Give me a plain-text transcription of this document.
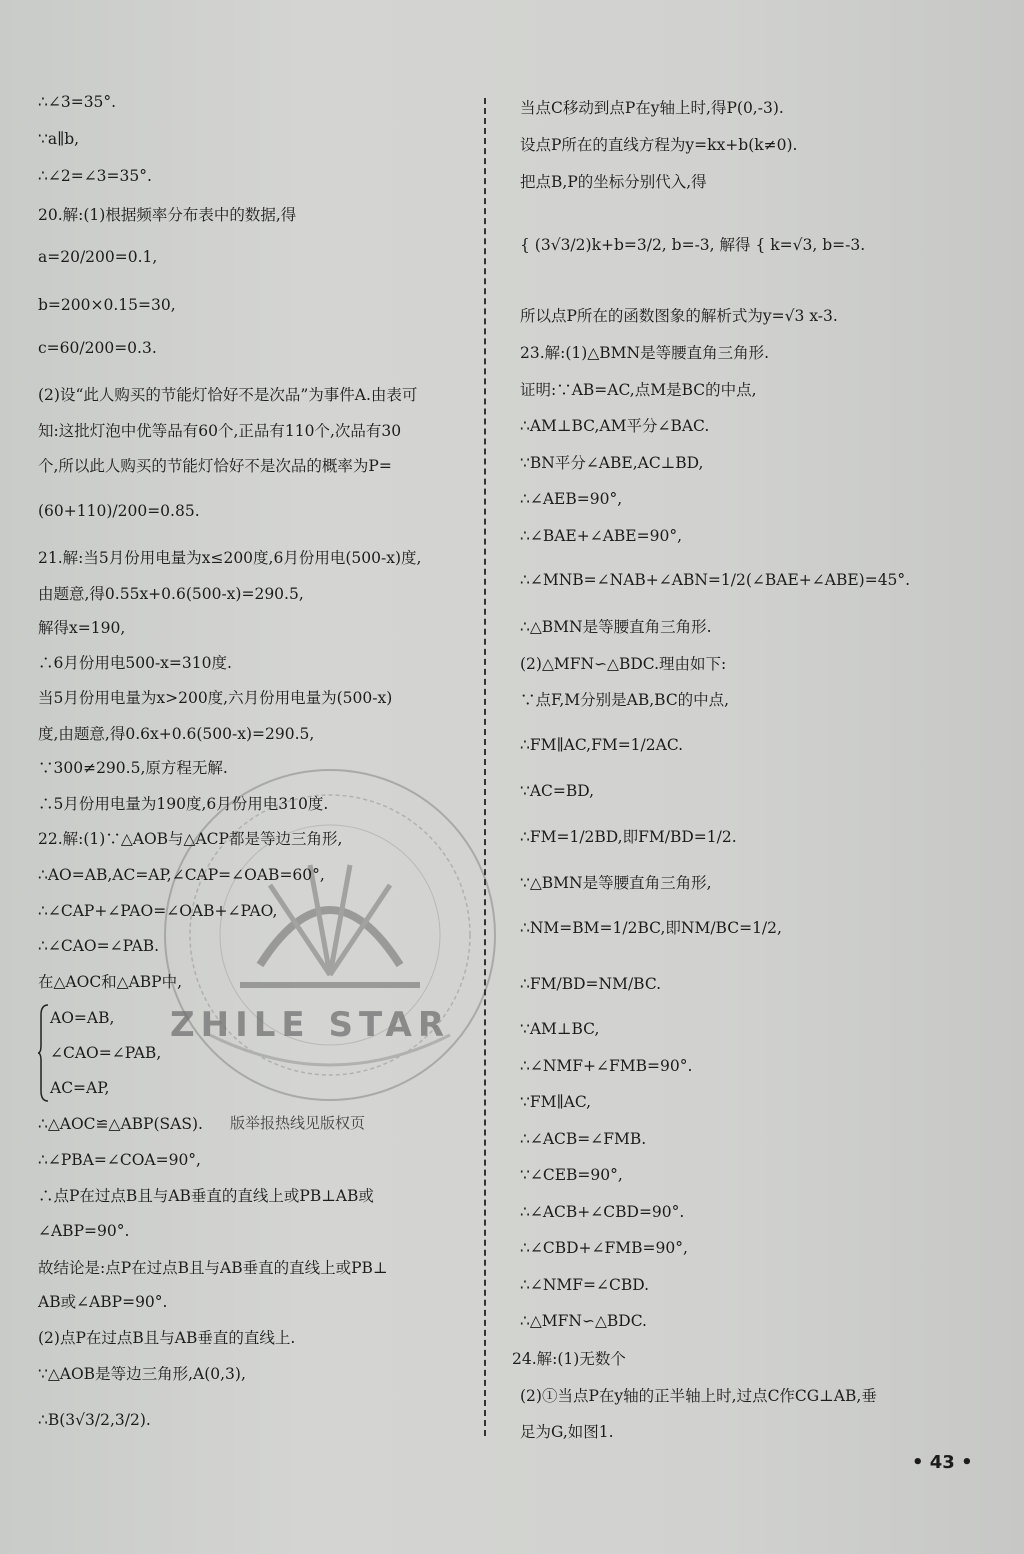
ZHILE STAR
版举报热线见版权页
∴∠3=35°.
∵a∥b,
∴∠2=∠3=35°.
20.解:(1)根据频率分布表中的数据,得
a=20/200=0.1,
b=200×0.15=30,
c=60/200=0.3.
(2)设“此人购买的节能灯恰好不是次品”为事件A.由表可
知:这批灯泡中优等品有60个,正品有110个,次品有30
个,所以此人购买的节能灯恰好不是次品的概率为P=
(60+110)/200=0.85.
21.解:当5月份用电量为x≤200度,6月份用电(500-x)度,
由题意,得0.55x+0.6(500-x)=290.5,
解得x=190,
∴6月份用电500-x=310度.
当5月份用电量为x>200度,六月份用电量为(500-x)
度,由题意,得0.6x+0.6(500-x)=290.5,
∵300≠290.5,原方程无解.
∴5月份用电量为190度,6月份用电310度.
22.解:(1)∵△AOB与△ACP都是等边三角形,
∴AO=AB,AC=AP,∠CAP=∠OAB=60°,
∴∠CAP+∠PAO=∠OAB+∠PAO,
∴∠CAO=∠PAB.
在△AOC和△ABP中,
AO=AB,
∠CAO=∠PAB,
AC=AP,
∴△AOC≌△ABP(SAS).
∴∠PBA=∠COA=90°,
∴点P在过点B且与AB垂直的直线上或PB⊥AB或
∠ABP=90°.
故结论是:点P在过点B且与AB垂直的直线上或PB⊥
AB或∠ABP=90°.
(2)点P在过点B且与AB垂直的直线上.
∵△AOB是等边三角形,A(0,3),
∴B(3√3/2,3/2).
当点C移动到点P在y轴上时,得P(0,-3).
设点P所在的直线方程为y=kx+b(k≠0).
把点B,P的坐标分别代入,得
{ (3√3/2)k+b=3/2, b=-3, 解得 { k=√3, b=-3.
所以点P所在的函数图象的解析式为y=√3 x-3.
23.解:(1)△BMN是等腰直角三角形.
证明:∵AB=AC,点M是BC的中点,
∴AM⊥BC,AM平分∠BAC.
∵BN平分∠ABE,AC⊥BD,
∴∠AEB=90°,
∴∠BAE+∠ABE=90°,
∴∠MNB=∠NAB+∠ABN=1/2(∠BAE+∠ABE)=45°.
∴△BMN是等腰直角三角形.
(2)△MFN∽△BDC.理由如下:
∵点F,M分别是AB,BC的中点,
∴FM∥AC,FM=1/2AC.
∵AC=BD,
∴FM=1/2BD,即FM/BD=1/2.
∵△BMN是等腰直角三角形,
∴NM=BM=1/2BC,即NM/BC=1/2,
∴FM/BD=NM/BC.
∵AM⊥BC,
∴∠NMF+∠FMB=90°.
∵FM∥AC,
∴∠ACB=∠FMB.
∵∠CEB=90°,
∴∠ACB+∠CBD=90°.
∴∠CBD+∠FMB=90°,
∴∠NMF=∠CBD.
∴△MFN∽△BDC.
24.解:(1)无数个
(2)①当点P在y轴的正半轴上时,过点C作CG⊥AB,垂
足为G,如图1.
• 43 •
